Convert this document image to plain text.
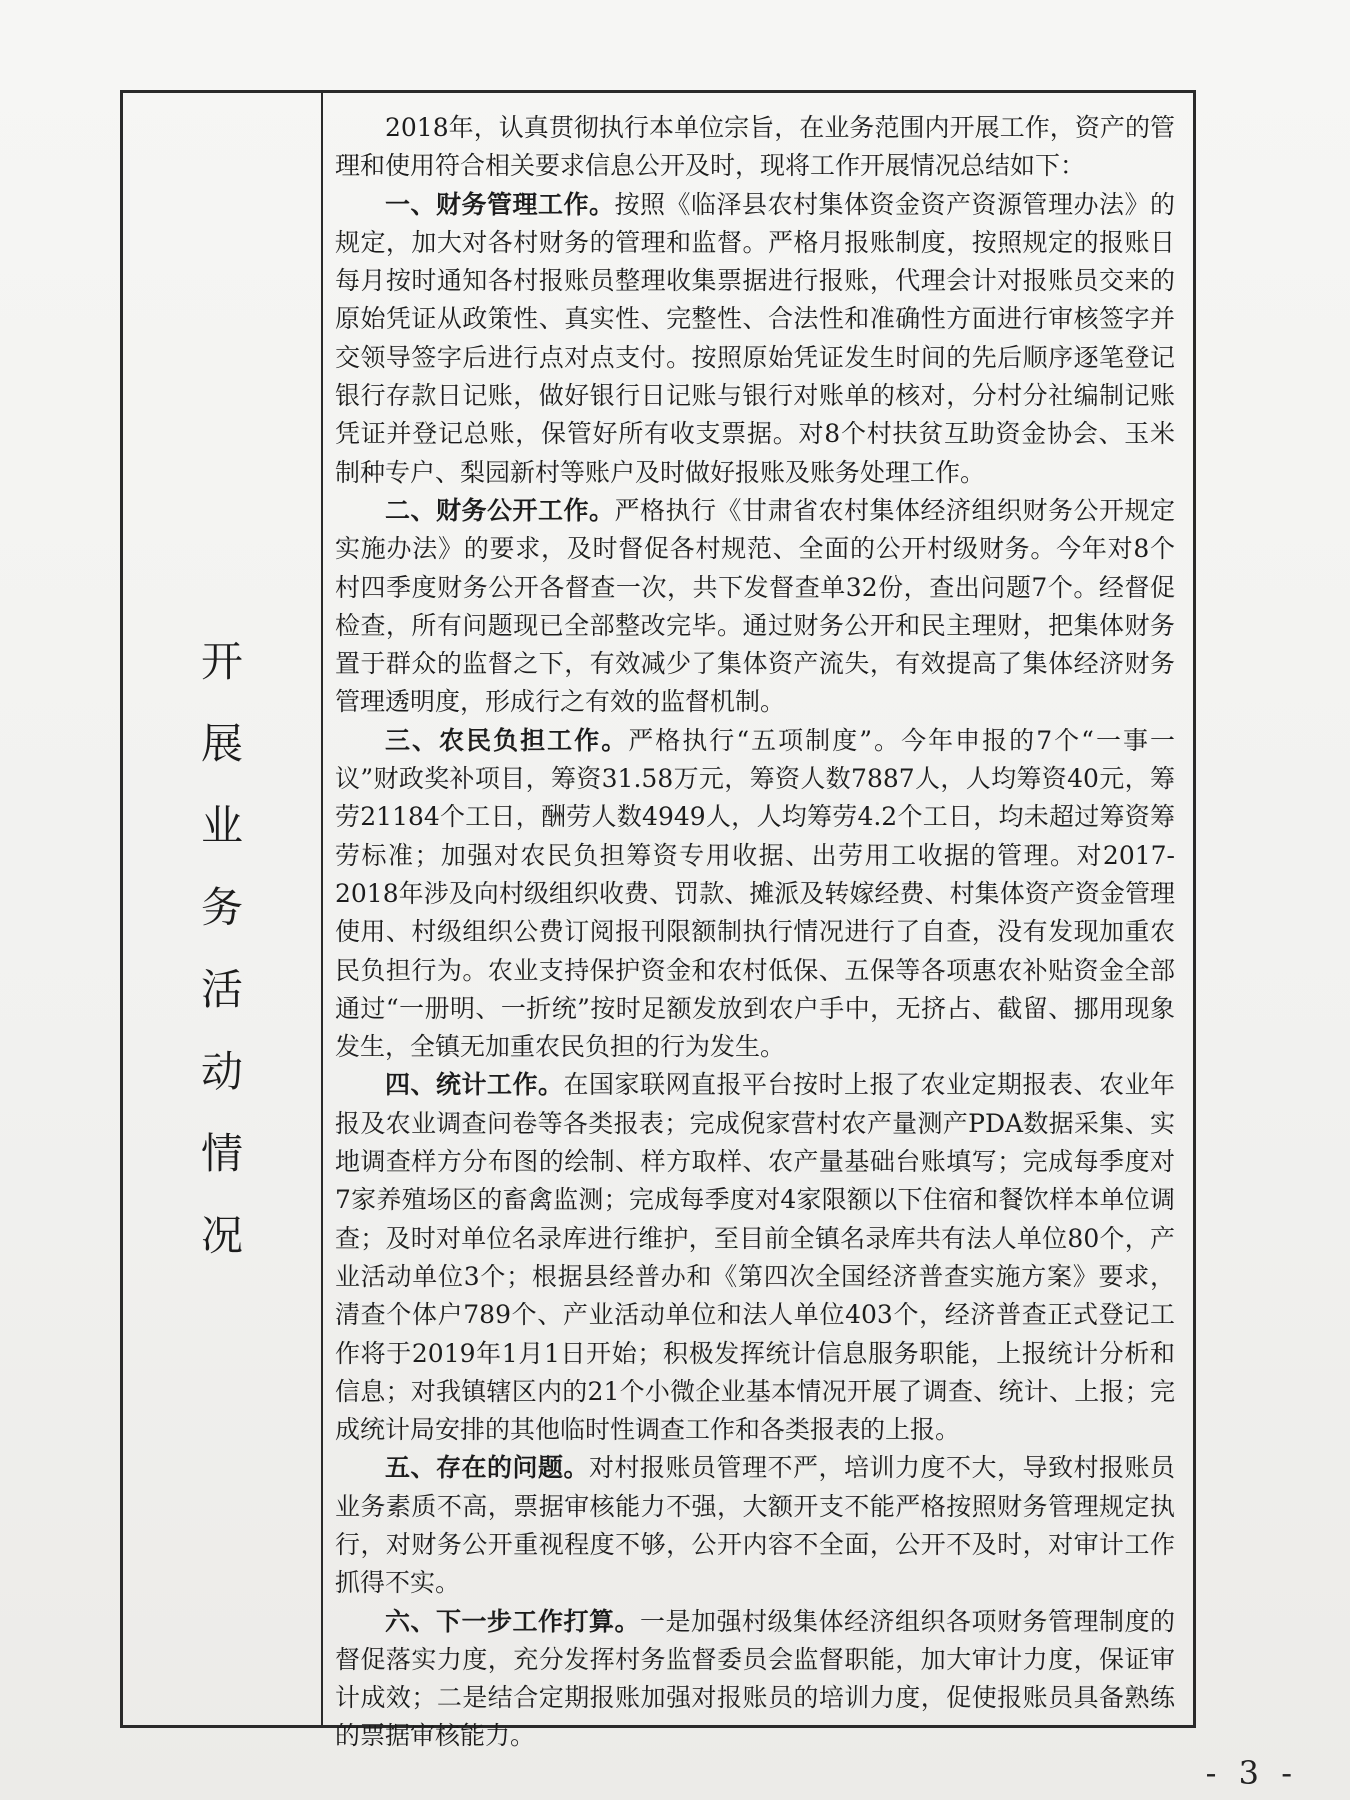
开
展
业
务
活
动
情
况

2018年，认真贯彻执行本单位宗旨，在业务范围内开展工作，资产的管理和使用符合相关要求信息公开及时，现将工作开展情况总结如下：

一、财务管理工作。按照《临泽县农村集体资金资产资源管理办法》的规定，加大对各村财务的管理和监督。严格月报账制度，按照规定的报账日每月按时通知各村报账员整理收集票据进行报账，代理会计对报账员交来的原始凭证从政策性、真实性、完整性、合法性和准确性方面进行审核签字并交领导签字后进行点对点支付。按照原始凭证发生时间的先后顺序逐笔登记银行存款日记账，做好银行日记账与银行对账单的核对，分村分社编制记账凭证并登记总账，保管好所有收支票据。对8个村扶贫互助资金协会、玉米制种专户、梨园新村等账户及时做好报账及账务处理工作。

二、财务公开工作。严格执行《甘肃省农村集体经济组织财务公开规定实施办法》的要求，及时督促各村规范、全面的公开村级财务。今年对8个村四季度财务公开各督查一次，共下发督查单32份，查出问题7个。经督促检查，所有问题现已全部整改完毕。通过财务公开和民主理财，把集体财务置于群众的监督之下，有效减少了集体资产流失，有效提高了集体经济财务管理透明度，形成行之有效的监督机制。

三、农民负担工作。严格执行“五项制度”。今年申报的7个“一事一议”财政奖补项目，筹资31.58万元，筹资人数7887人，人均筹资40元，筹劳21184个工日，酬劳人数4949人，人均筹劳4.2个工日，均未超过筹资筹劳标准；加强对农民负担筹资专用收据、出劳用工收据的管理。对2017-2018年涉及向村级组织收费、罚款、摊派及转嫁经费、村集体资产资金管理使用、村级组织公费订阅报刊限额制执行情况进行了自查，没有发现加重农民负担行为。农业支持保护资金和农村低保、五保等各项惠农补贴资金全部通过“一册明、一折统”按时足额发放到农户手中，无挤占、截留、挪用现象发生，全镇无加重农民负担的行为发生。

四、统计工作。在国家联网直报平台按时上报了农业定期报表、农业年报及农业调查问卷等各类报表；完成倪家营村农产量测产PDA数据采集、实地调查样方分布图的绘制、样方取样、农产量基础台账填写；完成每季度对7家养殖场区的畜禽监测；完成每季度对4家限额以下住宿和餐饮样本单位调查；及时对单位名录库进行维护，至目前全镇名录库共有法人单位80个，产业活动单位3个；根据县经普办和《第四次全国经济普查实施方案》要求，清查个体户789个、产业活动单位和法人单位403个，经济普查正式登记工作将于2019年1月1日开始；积极发挥统计信息服务职能，上报统计分析和信息；对我镇辖区内的21个小微企业基本情况开展了调查、统计、上报；完成统计局安排的其他临时性调查工作和各类报表的上报。

五、存在的问题。对村报账员管理不严，培训力度不大，导致村报账员业务素质不高，票据审核能力不强，大额开支不能严格按照财务管理规定执行，对财务公开重视程度不够，公开内容不全面，公开不及时，对审计工作抓得不实。

六、下一步工作打算。一是加强村级集体经济组织各项财务管理制度的督促落实力度，充分发挥村务监督委员会监督职能，加大审计力度，保证审计成效；二是结合定期报账加强对报账员的培训力度，促使报账员具备熟练的票据审核能力。

- 3 -
